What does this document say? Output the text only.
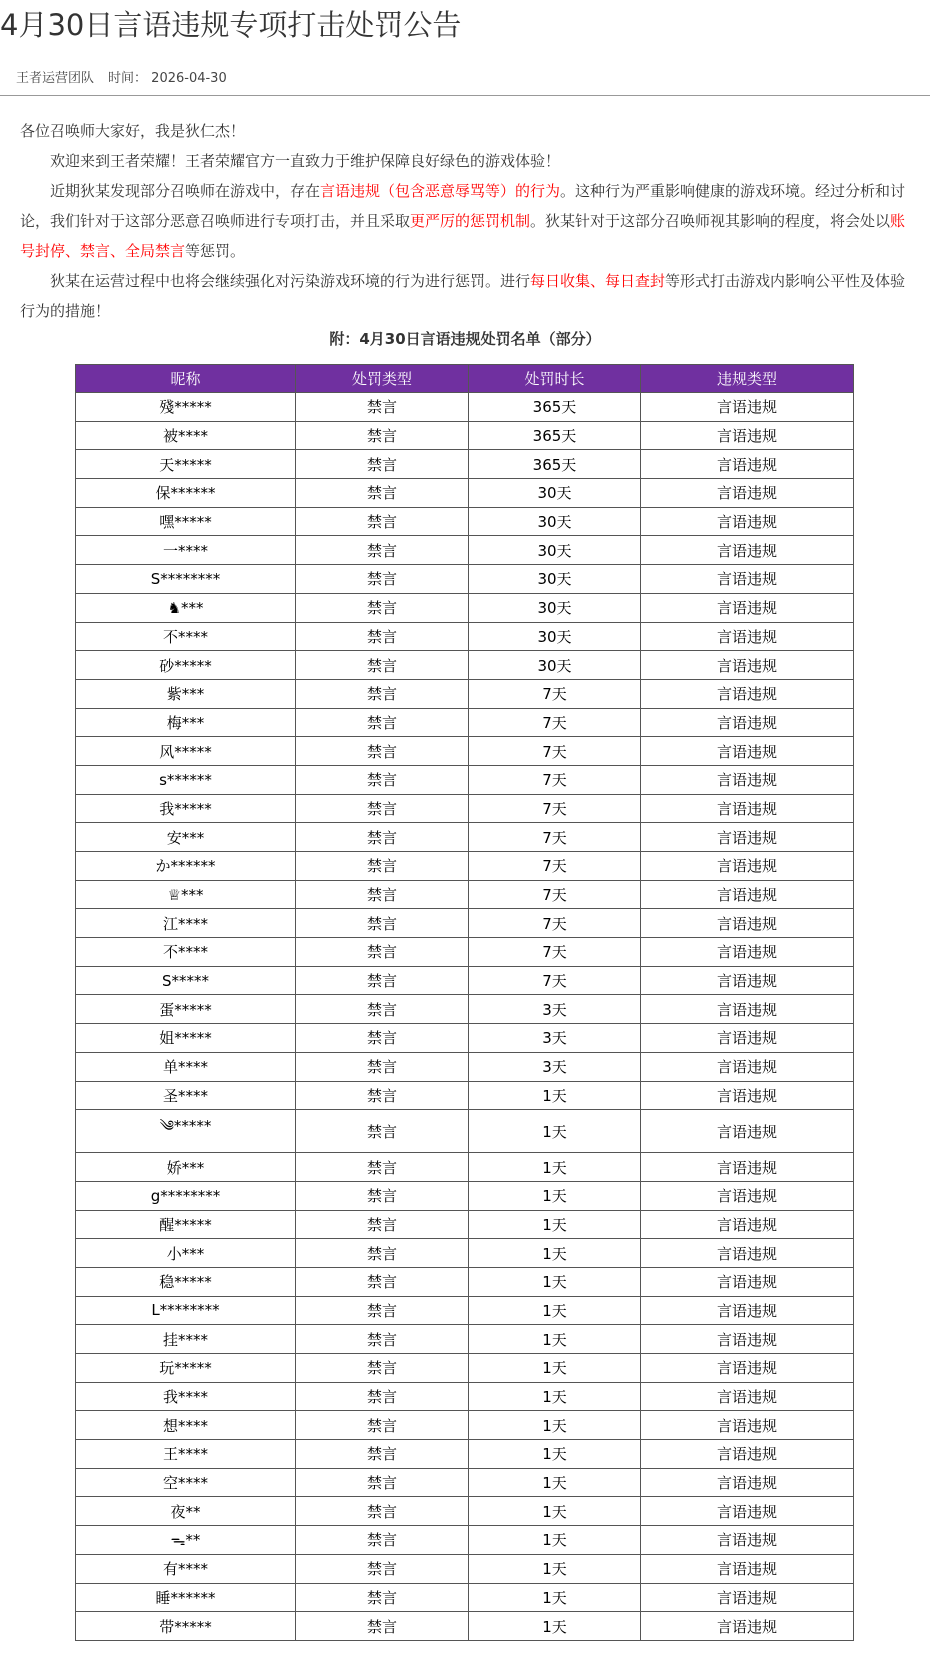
4月30日言语违规专项打击处罚公告
王者运营团队 时间： 2026-04-30

各位召唤师大家好，我是狄仁杰！

欢迎来到王者荣耀！王者荣耀官方一直致力于维护保障良好绿色的游戏体验！

近期狄某发现部分召唤师在游戏中，存在言语违规（包含恶意辱骂等）的行为。这种行为严重影响健康的游戏环境。经过分析和讨论，我们针对于这部分恶意召唤师进行专项打击，并且采取更严厉的惩罚机制。狄某针对于这部分召唤师视其影响的程度，将会处以账号封停、禁言、全局禁言等惩罚。

狄某在运营过程中也将会继续强化对污染游戏环境的行为进行惩罚。进行每日收集、每日查封等形式打击游戏内影响公平性及体验行为的措施！

附：4月30日言语违规处罚名单（部分）
昵称	处罚类型	处罚时长	违规类型
殘*****	禁言	365天	言语违规
被****	禁言	365天	言语违规
天*****	禁言	365天	言语违规
保******	禁言	30天	言语违规
嘿*****	禁言	30天	言语违规
一****	禁言	30天	言语违规
S********	禁言	30天	言语违规
♞***	禁言	30天	言语违规
不****	禁言	30天	言语违规
砂*****	禁言	30天	言语违规
紫***	禁言	7天	言语违规
梅***	禁言	7天	言语违规
风*****	禁言	7天	言语违规
s******	禁言	7天	言语违规
我*****	禁言	7天	言语违规
安***	禁言	7天	言语违规
か******	禁言	7天	言语违规
♕***	禁言	7天	言语违规
江****	禁言	7天	言语违规
不****	禁言	7天	言语违规
S*****	禁言	7天	言语违规
蛋*****	禁言	3天	言语违规
姐*****	禁言	3天	言语违规
单****	禁言	3天	言语违规
圣****	禁言	1天	言语违规
༄*****	禁言	1天	言语违规
娇***	禁言	1天	言语违规
g********	禁言	1天	言语违规
醒*****	禁言	1天	言语违规
小***	禁言	1天	言语违规
稳*****	禁言	1天	言语违规
L********	禁言	1天	言语违规
挂****	禁言	1天	言语违规
玩*****	禁言	1天	言语违规
我****	禁言	1天	言语违规
想****	禁言	1天	言语违规
王****	禁言	1天	言语违规
空****	禁言	1天	言语违规
夜**	禁言	1天	言语违规
ᯓ**	禁言	1天	言语违规
有****	禁言	1天	言语违规
睡******	禁言	1天	言语违规
带*****	禁言	1天	言语违规
